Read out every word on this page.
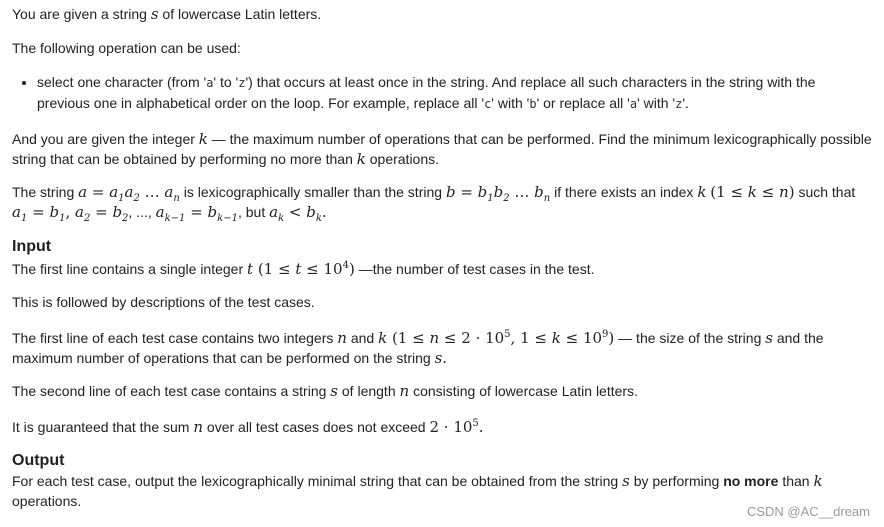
You are given a string s of lowercase Latin letters.

The following operation can be used:

• select one character (from 'a' to 'z') that occurs at least once in the string. And replace all such characters in the string with the
previous one in alphabetical order on the loop. For example, replace all 'c' with 'b' or replace all 'a' with 'z'.

And you are given the integer k — the maximum number of operations that can be performed. Find the minimum lexicographically possible
string that can be obtained by performing no more than k operations.

The string $a = a_1a_2$ … $a_n$ is lexicographically smaller than the string $b = b_1b_2$ … $b_n$ if there exists an index k (1 ≤ k ≤ n) such that
$a_1 = b_1$, $a_2 = b_2$, ..., $a_{k-1} = b_{k-1}$, but $a_k < b_k$.

Input

The first line contains a single integer t $(1 \le t \le 10^4)$ —the number of test cases in the test.

This is followed by descriptions of the test cases.

The first line of each test case contains two integers n and k ($1 \le n \le 2 \cdot 10^5$, $1 \le k \le 10^9$) — the size of the string s and the
maximum number of operations that can be performed on the string s.

The second line of each test case contains a string s of length n consisting of lowercase Latin letters.

It is guaranteed that the sum n over all test cases does not exceed $2 \cdot 10^5$.

Output

For each test case, output the lexicographically minimal string that can be obtained from the string s by performing no more than k
operations.

CSDN @AC__dream
